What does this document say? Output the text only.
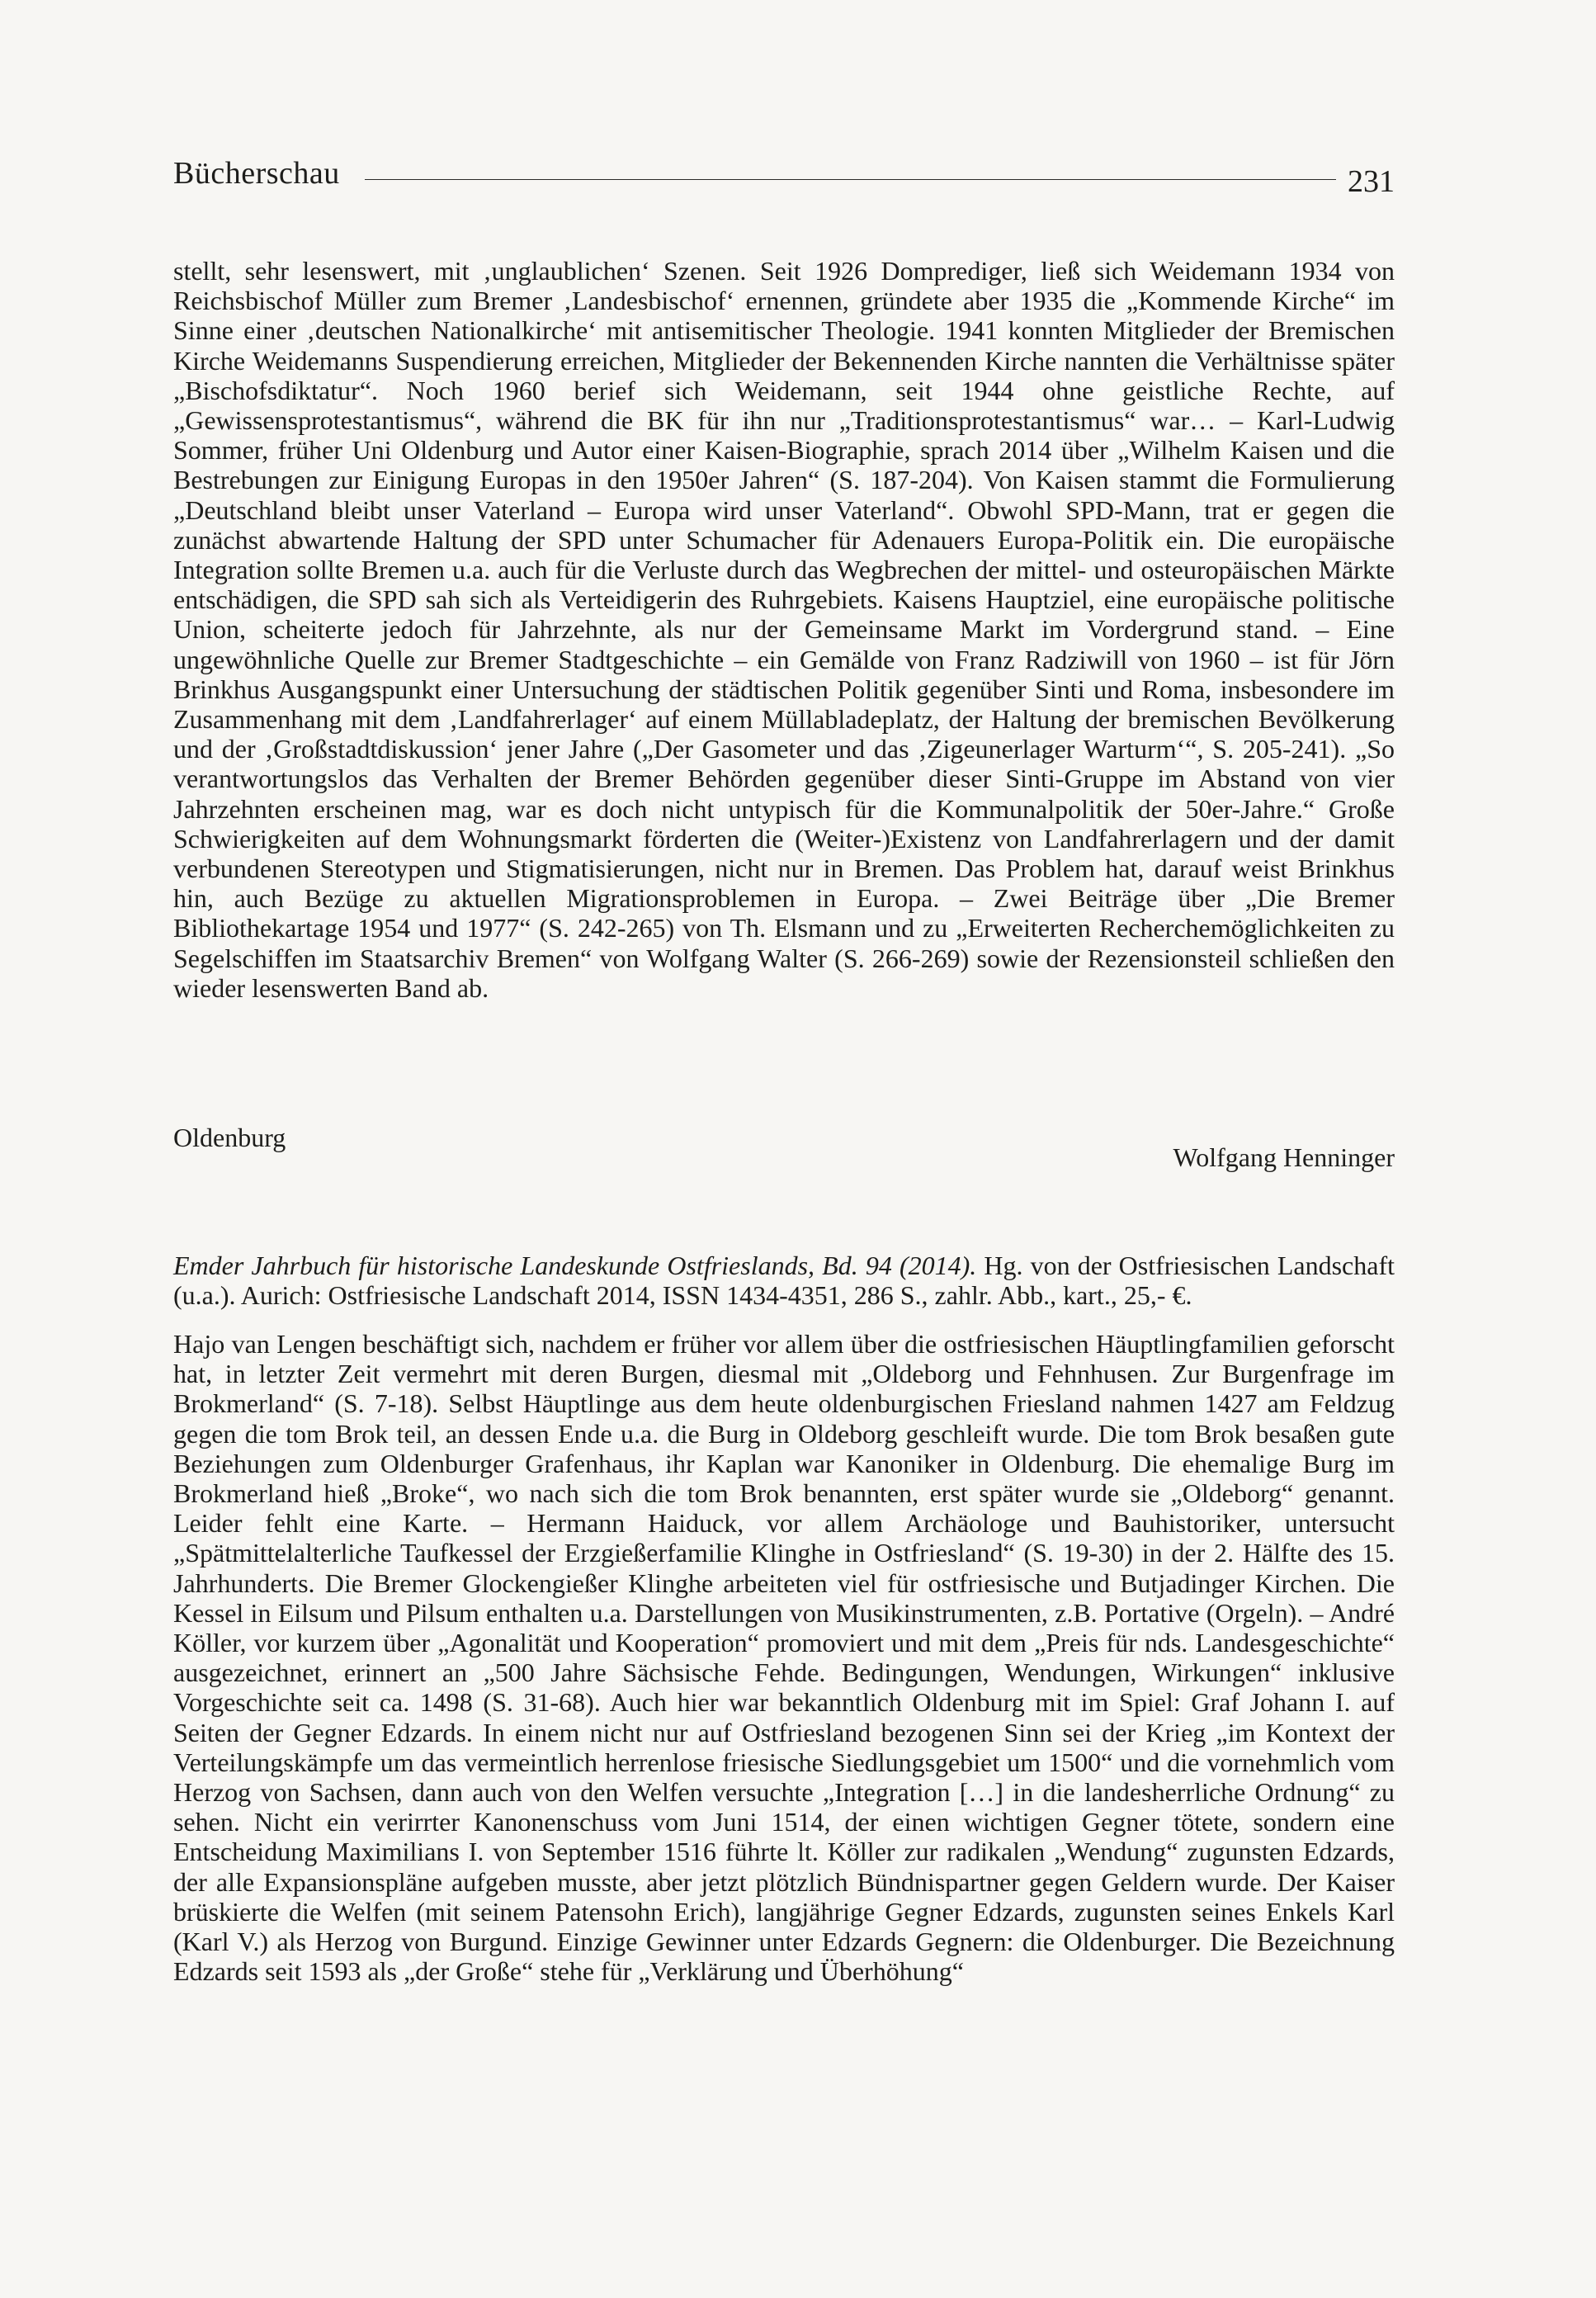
Bücherschau	231

stellt, sehr lesenswert, mit ‚unglaublichen‘ Szenen. Seit 1926 Domprediger, ließ sich Weidemann 1934 von Reichsbischof Müller zum Bremer ‚Landesbischof‘ ernennen, gründete aber 1935 die „Kommende Kirche“ im Sinne einer ‚deutschen Nationalkirche‘ mit antisemitischer Theologie. 1941 konnten Mitglieder der Bremischen Kirche Weidemanns Suspendierung erreichen, Mitglieder der Bekennenden Kirche nannten die Verhältnisse später „Bischofsdiktatur“. Noch 1960 berief sich Weidemann, seit 1944 ohne geistliche Rechte, auf „Gewissensprotestantismus“, während die BK für ihn nur „Traditionsprotestantismus“ war… – Karl-Ludwig Sommer, früher Uni Oldenburg und Autor einer Kaisen-Biographie, sprach 2014 über „Wilhelm Kaisen und die Bestrebungen zur Einigung Europas in den 1950er Jahren“ (S. 187-204). Von Kaisen stammt die Formulierung „Deutschland bleibt unser Vaterland – Europa wird unser Vaterland“. Obwohl SPD-Mann, trat er gegen die zunächst abwartende Haltung der SPD unter Schumacher für Adenauers Europa-Politik ein. Die europäische Integration sollte Bremen u.a. auch für die Verluste durch das Wegbrechen der mittel- und osteuropäischen Märkte entschädigen, die SPD sah sich als Verteidigerin des Ruhrgebiets. Kaisens Hauptziel, eine europäische politische Union, scheiterte jedoch für Jahrzehnte, als nur der Gemeinsame Markt im Vordergrund stand. – Eine ungewöhnliche Quelle zur Bremer Stadtgeschichte – ein Gemälde von Franz Radziwill von 1960 – ist für Jörn Brinkhus Ausgangspunkt einer Untersuchung der städtischen Politik gegenüber Sinti und Roma, insbesondere im Zusammenhang mit dem ‚Landfahrerlager‘ auf einem Müllabladeplatz, der Haltung der bremischen Bevölkerung und der ‚Großstadtdiskussion‘ jener Jahre („Der Gasometer und das ‚Zigeunerlager Warturm‘“, S. 205-241). „So verantwortungslos das Verhalten der Bremer Behörden gegenüber dieser Sinti-Gruppe im Abstand von vier Jahrzehnten erscheinen mag, war es doch nicht untypisch für die Kommunalpolitik der 50er-Jahre.“ Große Schwierigkeiten auf dem Wohnungsmarkt förderten die (Weiter-)Existenz von Landfahrerlagern und der damit verbundenen Stereotypen und Stigmatisierungen, nicht nur in Bremen. Das Problem hat, darauf weist Brinkhus hin, auch Bezüge zu aktuellen Migrationsproblemen in Europa. – Zwei Beiträge über „Die Bremer Bibliothekartage 1954 und 1977“ (S. 242-265) von Th. Elsmann und zu „Erweiterten Recherchemöglichkeiten zu Segelschiffen im Staatsarchiv Bremen“ von Wolfgang Walter (S. 266-269) sowie der Rezensionsteil schließen den wieder lesenswerten Band ab.

Oldenburg
Wolfgang Henninger

Emder Jahrbuch für historische Landeskunde Ostfrieslands, Bd. 94 (2014). Hg. von der Ostfriesischen Landschaft (u.a.). Aurich: Ostfriesische Landschaft 2014, ISSN 1434-4351, 286 S., zahlr. Abb., kart., 25,- €.

Hajo van Lengen beschäftigt sich, nachdem er früher vor allem über die ostfriesischen Häuptlingfamilien geforscht hat, in letzter Zeit vermehrt mit deren Burgen, diesmal mit „Oldeborg und Fehnhusen. Zur Burgenfrage im Brokmerland“ (S. 7-18). Selbst Häuptlinge aus dem heute oldenburgischen Friesland nahmen 1427 am Feldzug gegen die tom Brok teil, an dessen Ende u.a. die Burg in Oldeborg geschleift wurde. Die tom Brok besaßen gute Beziehungen zum Oldenburger Grafenhaus, ihr Kaplan war Kanoniker in Oldenburg. Die ehemalige Burg im Brokmerland hieß „Broke“, wo nach sich die tom Brok benannten, erst später wurde sie „Oldeborg“ genannt. Leider fehlt eine Karte. – Hermann Haiduck, vor allem Archäologe und Bauhistoriker, untersucht „Spätmittelalterliche Taufkessel der Erzgießerfamilie Klinghe in Ostfriesland“ (S. 19-30) in der 2. Hälfte des 15. Jahrhunderts. Die Bremer Glockengießer Klinghe arbeiteten viel für ostfriesische und Butjadinger Kirchen. Die Kessel in Eilsum und Pilsum enthalten u.a. Darstellungen von Musikinstrumenten, z.B. Portative (Orgeln). – André Köller, vor kurzem über „Agonalität und Kooperation“ promoviert und mit dem „Preis für nds. Landesgeschichte“ ausgezeichnet, erinnert an „500 Jahre Sächsische Fehde. Bedingungen, Wendungen, Wirkungen“ inklusive Vorgeschichte seit ca. 1498 (S. 31-68). Auch hier war bekanntlich Oldenburg mit im Spiel: Graf Johann I. auf Seiten der Gegner Edzards. In einem nicht nur auf Ostfriesland bezogenen Sinn sei der Krieg „im Kontext der Verteilungskämpfe um das vermeintlich herrenlose friesische Siedlungsgebiet um 1500“ und die vornehmlich vom Herzog von Sachsen, dann auch von den Welfen versuchte „Integration […] in die landesherrliche Ordnung“ zu sehen. Nicht ein verirrter Kanonenschuss vom Juni 1514, der einen wichtigen Gegner tötete, sondern eine Entscheidung Maximilians I. von September 1516 führte lt. Köller zur radikalen „Wendung“ zugunsten Edzards, der alle Expansionspläne aufgeben musste, aber jetzt plötzlich Bündnispartner gegen Geldern wurde. Der Kaiser brüskierte die Welfen (mit seinem Patensohn Erich), langjährige Gegner Edzards, zugunsten seines Enkels Karl (Karl V.) als Herzog von Burgund. Einzige Gewinner unter Edzards Gegnern: die Oldenburger. Die Bezeichnung Edzards seit 1593 als „der Große“ stehe für „Verklärung und Überhöhung“
